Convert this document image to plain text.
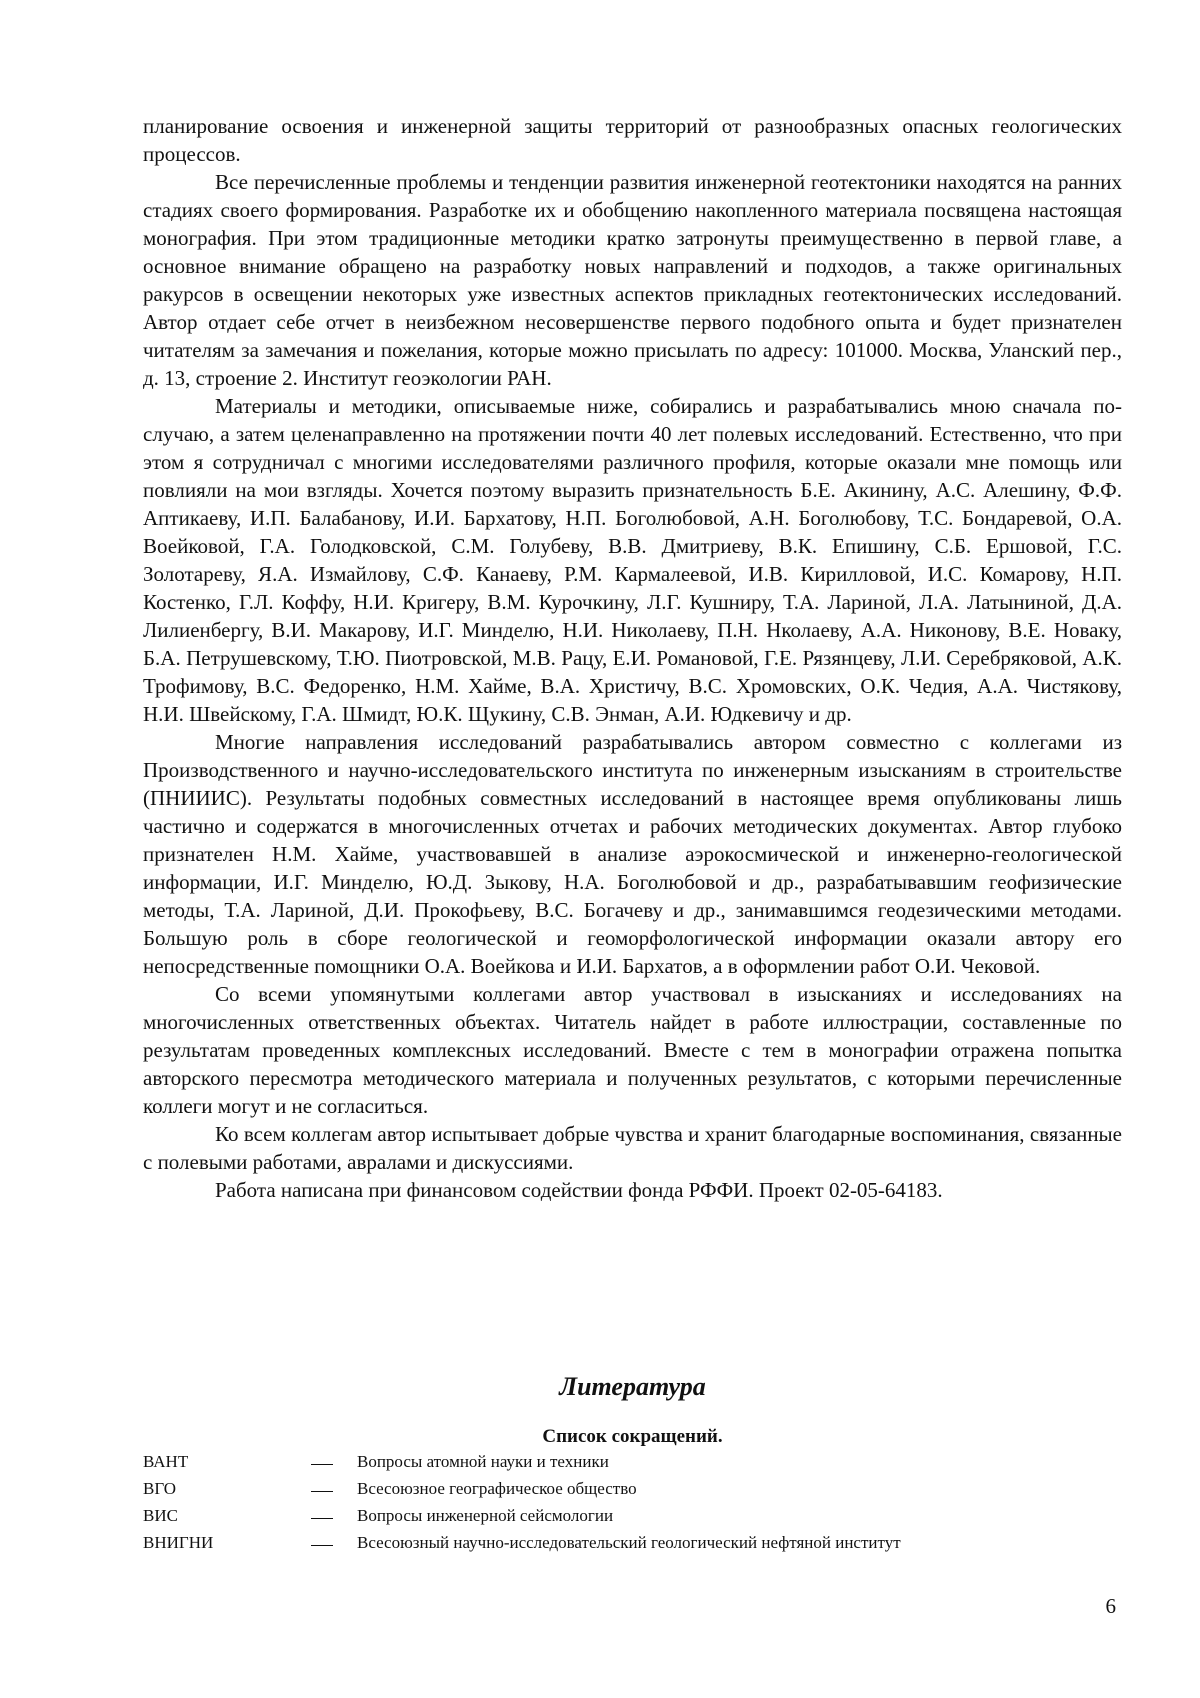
планирование освоения и инженерной защиты территорий от разнообразных опасных геологических процессов.

Все перечисленные проблемы и тенденции развития инженерной геотектоники находятся на ранних стадиях своего формирования. Разработке их и обобщению накопленного материала посвящена настоящая монография. При этом традиционные методики кратко затронуты преимущественно в первой главе, а основное внимание обращено на разработку новых направлений и подходов, а также оригинальных ракурсов в освещении некоторых уже известных аспектов прикладных геотектонических исследований. Автор отдает себе отчет в неизбежном несовершенстве первого подобного опыта и будет признателен читателям за замечания и пожелания, которые можно присылать по адресу: 101000. Москва, Уланский пер., д. 13, строение 2. Институт геоэкологии РАН.

Материалы и методики, описываемые ниже, собирались и разрабатывались мною сначала по-случаю, а затем целенаправленно на протяжении почти 40 лет полевых исследований. Естественно, что при этом я сотрудничал с многими исследователями различного профиля, которые оказали мне помощь или повлияли на мои взгляды. Хочется поэтому выразить признательность Б.Е. Акинину, А.С. Алешину, Ф.Ф. Аптикаеву, И.П. Балабанову, И.И. Бархатову, Н.П. Боголюбовой, А.Н. Боголюбову, Т.С. Бондаревой, О.А. Воейковой, Г.А. Голодковской, С.М. Голубеву, В.В. Дмитриеву, В.К. Епишину, С.Б. Ершовой, Г.С. Золотареву, Я.А. Измайлову, С.Ф. Канаеву, Р.М. Кармалеевой, И.В. Кирилловой, И.С. Комарову, Н.П. Костенко, Г.Л. Коффу, Н.И. Кригеру, В.М. Курочкину, Л.Г. Кушниру, Т.А. Лариной, Л.А. Латыниной, Д.А. Лилиенбергу, В.И. Макарову, И.Г. Минделю, Н.И. Николаеву, П.Н. Нколаеву, А.А. Никонову, В.Е. Новаку, Б.А. Петрушевскому, Т.Ю. Пиотровской, М.В. Рацу, Е.И. Романовой, Г.Е. Рязянцеву, Л.И. Серебряковой, А.К. Трофимову, В.С. Федоренко, Н.М. Хайме, В.А. Христичу, В.С. Хромовских, О.К. Чедия, А.А. Чистякову, Н.И. Швейскому, Г.А. Шмидт, Ю.К. Щукину, С.В. Энман, А.И. Юдкевичу и др.

Многие направления исследований разрабатывались автором совместно с коллегами из Производственного и научно-исследовательского института по инженерным изысканиям в строительстве (ПНИИИС). Результаты подобных совместных исследований в настоящее время опубликованы лишь частично и содержатся в многочисленных отчетах и рабочих методических документах. Автор глубоко признателен Н.М. Хайме, участвовавшей в анализе аэрокосмической и инженерно-геологической информации, И.Г. Минделю, Ю.Д. Зыкову, Н.А. Боголюбовой и др., разрабатывавшим геофизические методы, Т.А. Лариной, Д.И. Прокофьеву, В.С. Богачеву и др., занимавшимся геодезическими методами. Большую роль в сборе геологической и геоморфологической информации оказали автору его непосредственные помощники О.А. Воейкова и И.И. Бархатов, а в оформлении работ О.И. Чековой.

Со всеми упомянутыми коллегами автор участвовал в изысканиях и исследованиях на многочисленных ответственных объектах. Читатель найдет в работе иллюстрации, составленные по результатам проведенных комплексных исследований. Вместе с тем в монографии отражена попытка авторского пересмотра методического материала и полученных результатов, с которыми перечисленные коллеги могут и не согласиться.

Ко всем коллегам автор испытывает добрые чувства и хранит благодарные воспоминания, связанные с полевыми работами, авралами и дискуссиями.

Работа написана при финансовом содействии фонда РФФИ. Проект 02-05-64183.

Литература
Список сокращений.
ВАНТ	Вопросы атомной науки и техники
ВГО	Всесоюзное географическое общество
ВИС	Вопросы инженерной сейсмологии
ВНИГНИ	Всесоюзный научно-исследовательский геологический нефтяной институт
6
